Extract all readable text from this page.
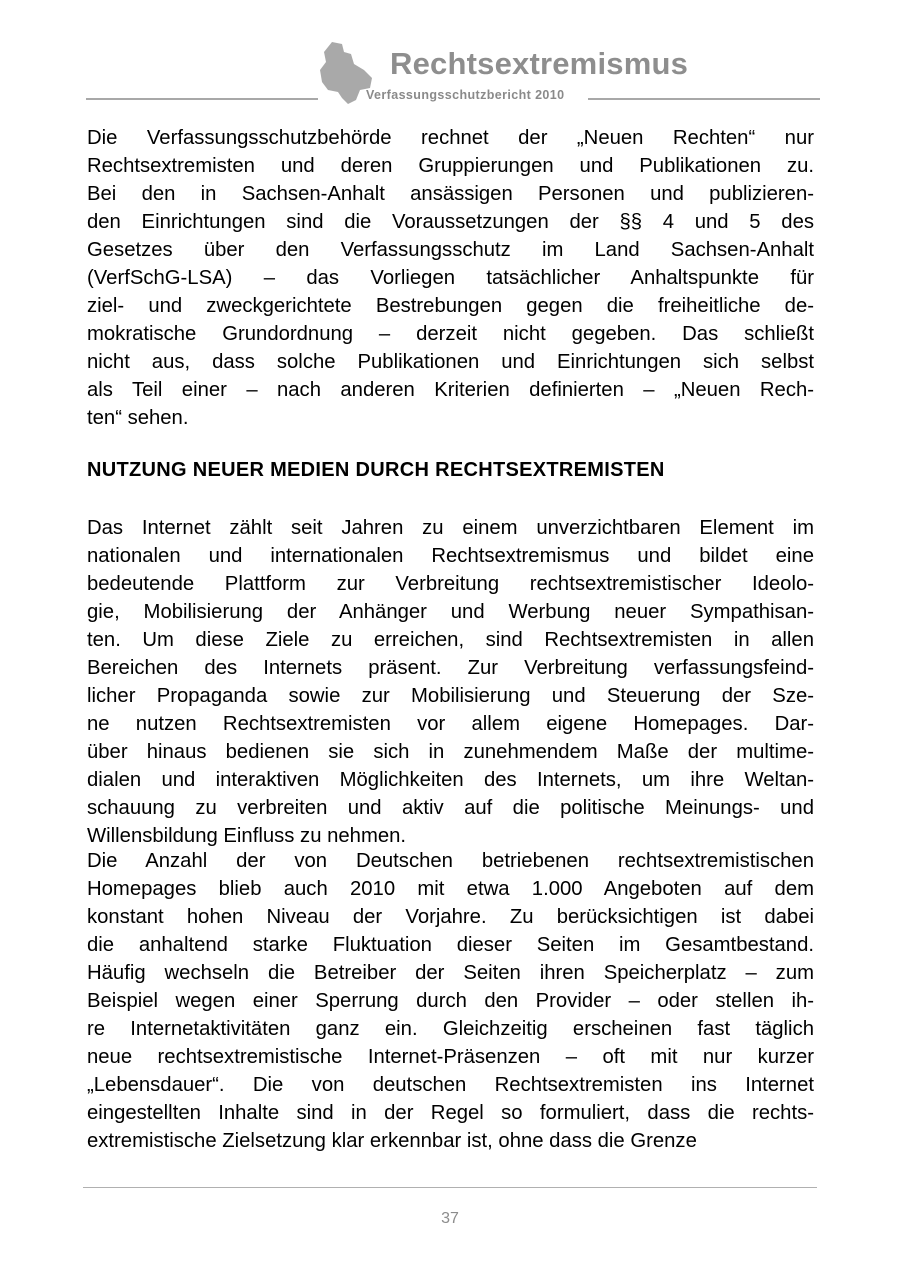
Rechtsextremismus
Verfassungsschutzbericht 2010
Die Verfassungsschutzbehörde rechnet der „Neuen Rechten“ nur
Rechtsextremisten und deren Gruppierungen und Publikationen zu.
Bei den in Sachsen-Anhalt ansässigen Personen und publizieren-
den Einrichtungen sind die Voraussetzungen der §§ 4 und 5 des
Gesetzes über den Verfassungsschutz im Land Sachsen-Anhalt
(VerfSchG-LSA) – das Vorliegen tatsächlicher Anhaltspunkte für
ziel- und zweckgerichtete Bestrebungen gegen die freiheitliche de-
mokratische Grundordnung – derzeit nicht gegeben. Das schließt
nicht aus, dass solche Publikationen und Einrichtungen sich selbst
als Teil einer – nach anderen Kriterien definierten – „Neuen Rech-
ten“ sehen.
NUTZUNG NEUER MEDIEN DURCH RECHTSEXTREMISTEN
Das Internet zählt seit Jahren zu einem unverzichtbaren Element im
nationalen und internationalen Rechtsextremismus und bildet eine
bedeutende Plattform zur Verbreitung rechtsextremistischer Ideolo-
gie, Mobilisierung der Anhänger und Werbung neuer Sympathisan-
ten. Um diese Ziele zu erreichen, sind Rechtsextremisten in allen
Bereichen des Internets präsent. Zur Verbreitung verfassungsfeind-
licher Propaganda sowie zur Mobilisierung und Steuerung der Sze-
ne nutzen Rechtsextremisten vor allem eigene Homepages. Dar-
über hinaus bedienen sie sich in zunehmendem Maße der multime-
dialen und interaktiven Möglichkeiten des Internets, um ihre Weltan-
schauung zu verbreiten und aktiv auf die politische Meinungs- und
Willensbildung Einfluss zu nehmen.
Die Anzahl der von Deutschen betriebenen rechtsextremistischen
Homepages blieb auch 2010 mit etwa 1.000 Angeboten auf dem
konstant hohen Niveau der Vorjahre. Zu berücksichtigen ist dabei
die anhaltend starke Fluktuation dieser Seiten im Gesamtbestand.
Häufig wechseln die Betreiber der Seiten ihren Speicherplatz – zum
Beispiel wegen einer Sperrung durch den Provider – oder stellen ih-
re Internetaktivitäten ganz ein. Gleichzeitig erscheinen fast täglich
neue rechtsextremistische Internet-Präsenzen – oft mit nur kurzer
„Lebensdauer“. Die von deutschen Rechtsextremisten ins Internet
eingestellten Inhalte sind in der Regel so formuliert, dass die rechts-
extremistische Zielsetzung klar erkennbar ist, ohne dass die Grenze
37
